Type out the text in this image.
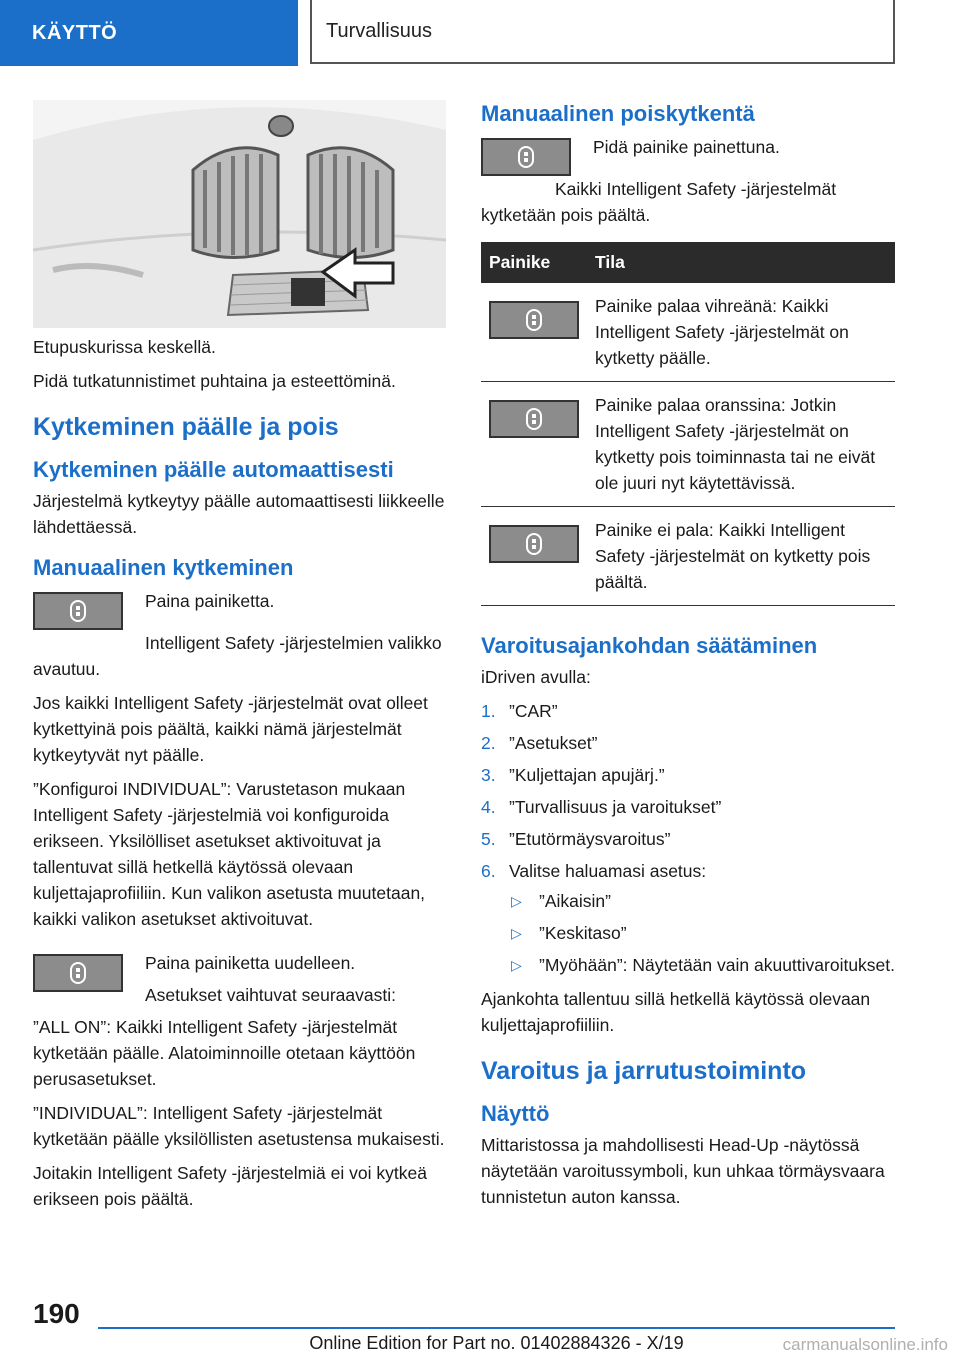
KÄYTTÖ	Turvallisuus

Etupuskurissa keskellä.

Pidä tutkatunnistimet puhtaina ja esteettöminä.

Kytkeminen päälle ja pois
Kytkeminen päälle automaattisesti

Järjestelmä kytkeytyy päälle automaattisesti liikkeelle lähdettäessä.

Manuaalinen kytkeminen

Paina painiketta.

Intelligent Safety -järjestelmien valikko avautuu.

Jos kaikki Intelligent Safety -järjestelmät ovat olleet kytkettyinä pois päältä, kaikki nämä järjestelmät kytkeytyvät nyt päälle.

”Konfiguroi INDIVIDUAL”: Varustetason mukaan Intelligent Safety -järjestelmiä voi konfiguroida erikseen. Yksilölliset asetukset aktivoituvat ja tallentuvat sillä hetkellä käytössä olevaan kuljettajaprofiiliin. Kun valikon asetusta muutetaan, kaikki valikon asetukset aktivoituvat.

Paina painiketta uudelleen.

Asetukset vaihtuvat seuraavasti:

”ALL ON”: Kaikki Intelligent Safety -järjestelmät kytketään päälle. Alatoiminnoille otetaan käyttöön perusasetukset.

”INDIVIDUAL”: Intelligent Safety -järjestelmät kytketään päälle yksilöllisten asetustensa mukaisesti.

Joitakin Intelligent Safety -järjestelmiä ei voi kytkeä erikseen pois päältä.

Manuaalinen poiskytkentä

Pidä painike painettuna.

Kaikki Intelligent Safety -järjestelmät kytketään pois päältä.

Painike	Tila

	Painike palaa vihreänä: Kaikki Intelligent Safety -järjestelmät on kytketty päälle.

	Painike palaa oranssina: Jotkin Intelligent Safety -järjestelmät on kytketty pois toiminnasta tai ne eivät ole juuri nyt käytettävissä.

	Painike ei pala: Kaikki Intelligent Safety -järjestelmät on kytketty pois päältä.
Varoitusajankohdan säätäminen

iDriven avulla:

1. ”CAR”
2. ”Asetukset”
3. ”Kuljettajan apujärj.”
4. ”Turvallisuus ja varoitukset”
5. ”Etutörmäysvaroitus”
6. Valitse haluamasi asetus:
▷ ”Aikaisin”
▷ ”Keskitaso”
▷ ”Myöhään”: Näytetään vain akuuttivaroitukset.

Ajankohta tallentuu sillä hetkellä käytössä olevaan kuljettajaprofiiliin.

Varoitus ja jarrutustoiminto
Näyttö

Mittaristossa ja mahdollisesti Head-Up -näytössä näytetään varoitussymboli, kun uhkaa törmäysvaara tunnistetun auton kanssa.

190
Online Edition for Part no. 01402884326 - X/19	carmanualsonline.info
